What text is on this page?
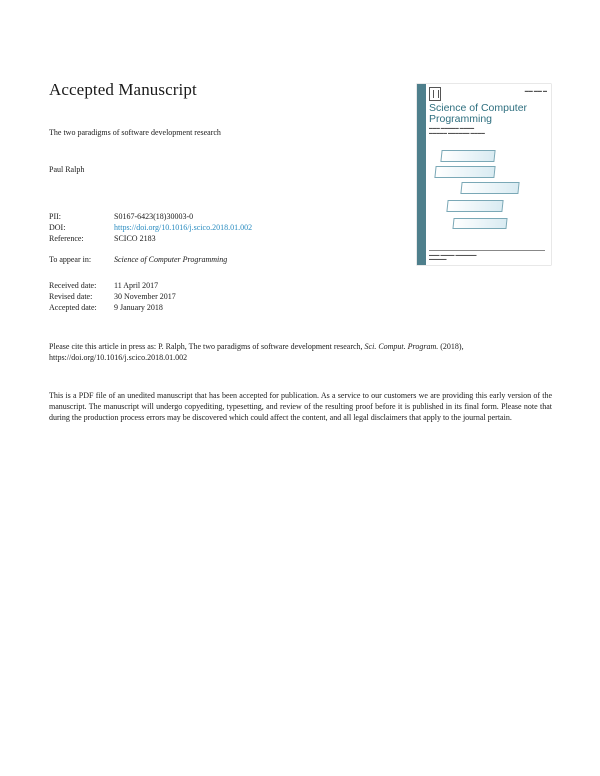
Accepted Manuscript
The two paradigms of software development research
Paul Ralph
PII:	S0167-6423(18)30003-0
DOI:	https://doi.org/10.1016/j.scico.2018.01.002
Reference:	SCICO 2183
To appear in:	Science of Computer Programming
Received date:	11 April 2017
Revised date:	30 November 2017
Accepted date:	9 January 2018
Please cite this article in press as: P. Ralph, The two paradigms of software development research, Sci. Comput. Program. (2018), https://doi.org/10.1016/j.scico.2018.01.002
This is a PDF file of an unedited manuscript that has been accepted for publication. As a service to our customers we are providing this early version of the manuscript. The manuscript will undergo copyediting, typesetting, and review of the resulting proof before it is published in its final form. Please note that during the production process errors may be discovered which could affect the content, and all legal disclaimers that apply to the journal pertain.
▬▬ ▬▬ ▬
Science of Computer Programming
▬▬▬ ▬▬▬▬▬ ▬▬▬▬
▬▬▬▬▬ ▬▬▬▬▬▬ ▬▬▬▬
▬▬▬ ▬▬▬▬ ▬▬▬▬▬▬
▬▬▬▬▬
